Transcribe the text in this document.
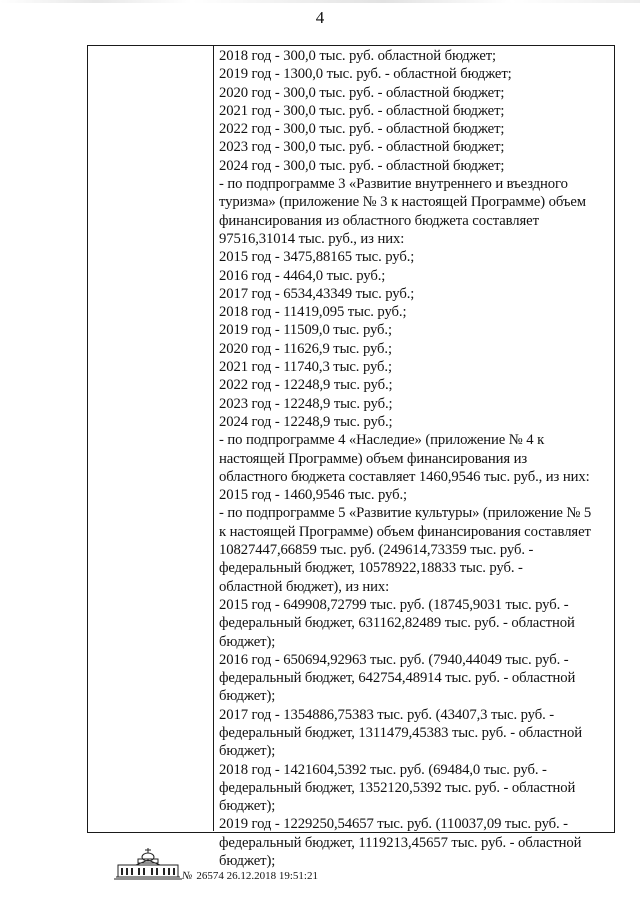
4
2018 год - 300,0 тыс. руб. областной бюджет;
2019 год - 1300,0 тыс. руб. - областной бюджет;
2020 год - 300,0 тыс. руб. - областной бюджет;
2021 год - 300,0 тыс. руб. - областной бюджет;
2022 год - 300,0 тыс. руб. - областной бюджет;
2023 год - 300,0 тыс. руб. - областной бюджет;
2024 год - 300,0 тыс. руб. - областной бюджет;
- по подпрограмме 3 «Развитие внутреннего и въездного
туризма» (приложение № 3 к настоящей Программе) объем
финансирования из областного бюджета составляет
97516,31014 тыс. руб., из них:
2015 год - 3475,88165 тыс. руб.;
2016 год - 4464,0 тыс. руб.;
2017 год - 6534,43349 тыс. руб.;
2018 год - 11419,095 тыс. руб.;
2019 год - 11509,0 тыс. руб.;
2020 год - 11626,9 тыс. руб.;
2021 год - 11740,3 тыс. руб.;
2022 год - 12248,9 тыс. руб.;
2023 год - 12248,9 тыс. руб.;
2024 год - 12248,9 тыс. руб.;
- по подпрограмме 4 «Наследие» (приложение № 4 к
настоящей Программе) объем финансирования из
областного бюджета составляет 1460,9546 тыс. руб., из них:
2015 год - 1460,9546 тыс. руб.;
- по подпрограмме 5 «Развитие культуры» (приложение № 5
к настоящей Программе) объем финансирования составляет
10827447,66859 тыс. руб. (249614,73359 тыс. руб. -
федеральный бюджет, 10578922,18833 тыс. руб. -
областной бюджет), из них:
2015 год - 649908,72799 тыс. руб. (18745,9031 тыс. руб. -
федеральный бюджет, 631162,82489 тыс. руб. - областной
бюджет);
2016 год - 650694,92963 тыс. руб. (7940,44049 тыс. руб. -
федеральный бюджет, 642754,48914 тыс. руб. - областной
бюджет);
2017 год - 1354886,75383 тыс. руб. (43407,3 тыс. руб. -
федеральный бюджет, 1311479,45383 тыс. руб. - областной
бюджет);
2018 год - 1421604,5392 тыс. руб. (69484,0 тыс. руб. -
федеральный бюджет, 1352120,5392 тыс. руб. - областной
бюджет);
2019 год - 1229250,54657 тыс. руб. (110037,09 тыс. руб. -
федеральный бюджет, 1119213,45657 тыс. руб. - областной
бюджет);
№ 26574 26.12.2018 19:51:21
